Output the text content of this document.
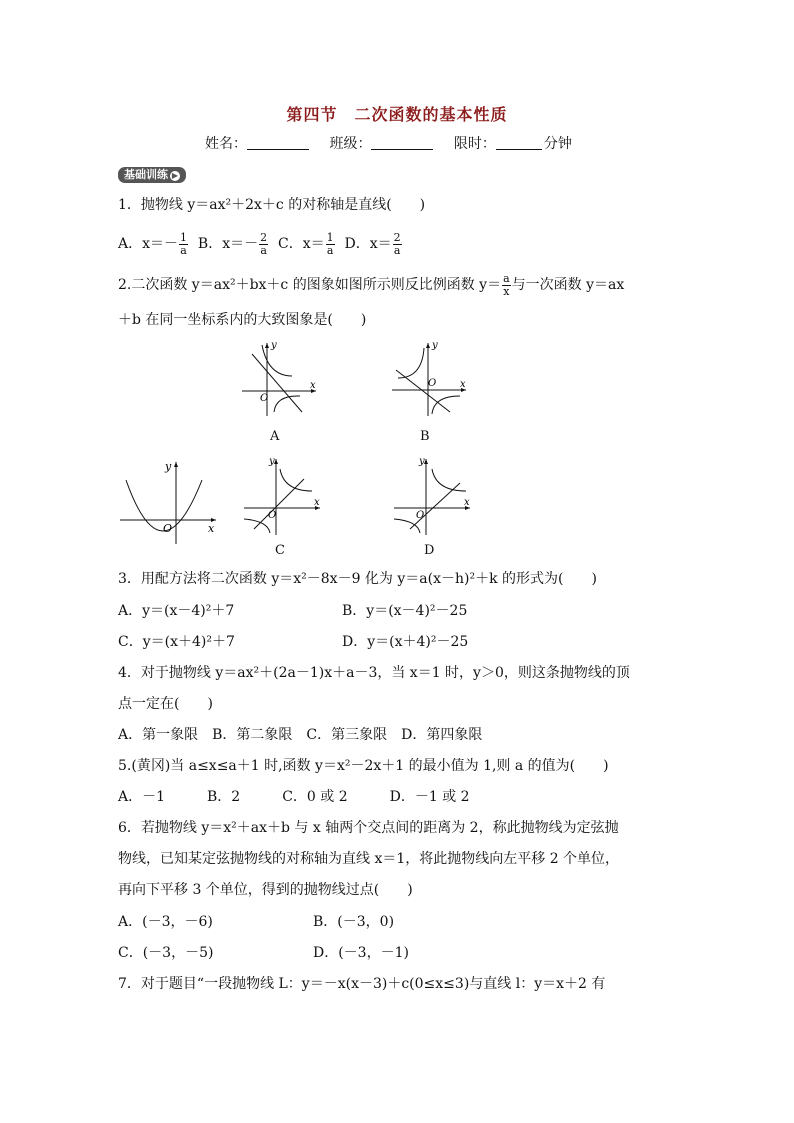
第四节　二次函数的基本性质
姓名：	班级：	限时：	分钟
基础训练 ▶
1．抛物线 y＝ax²＋2x＋c 的对称轴是直线(　　)
A．$x=- \frac{1}{a}$ B．$x=- \frac{2}{a}$ C．$x= \frac{1}{a}$ D．$x= \frac{2}{a}$
2.二次函数 y＝ax²＋bx＋c 的图象如图所示则反比例函数 $y= \frac{a}{x}$ 与一次函数 y＝ax
＋b 在同一坐标系内的大致图象是(　　)
y
x
O
A
y
x
O
B
y
x
O
y
x
O
C
y
x
O
D
3．用配方法将二次函数 y＝x²－8x－9 化为 y＝a(x－h)²＋k 的形式为(　　)
A．y＝(x－4)²＋7	B．y＝(x－4)²－25
C．y＝(x＋4)²＋7	D．y＝(x＋4)²－25
4．对于抛物线 y＝ax²＋(2a－1)x＋a－3，当 x＝1 时，y＞0，则这条抛物线的顶
点一定在(　　)
A．第一象限　B．第二象限　C．第三象限　D．第四象限
5.(黄冈)当 a≤x≤a＋1 时,函数 y＝x²－2x＋1 的最小值为 1,则 a 的值为(　　)
A．－1　　　B．2　　　C．0 或 2　　　D．－1 或 2
6．若抛物线 y＝x²＋ax＋b 与 x 轴两个交点间的距离为 2，称此抛物线为定弦抛
物线，已知某定弦抛物线的对称轴为直线 x＝1，将此抛物线向左平移 2 个单位，
再向下平移 3 个单位，得到的抛物线过点(　　)
A．(－3，－6)	B．(－3，0)
C．(－3，－5)	D．(－3，－1)
7．对于题目“一段抛物线 L：y＝－x(x－3)＋c(0≤x≤3)与直线 l：y＝x＋2 有
